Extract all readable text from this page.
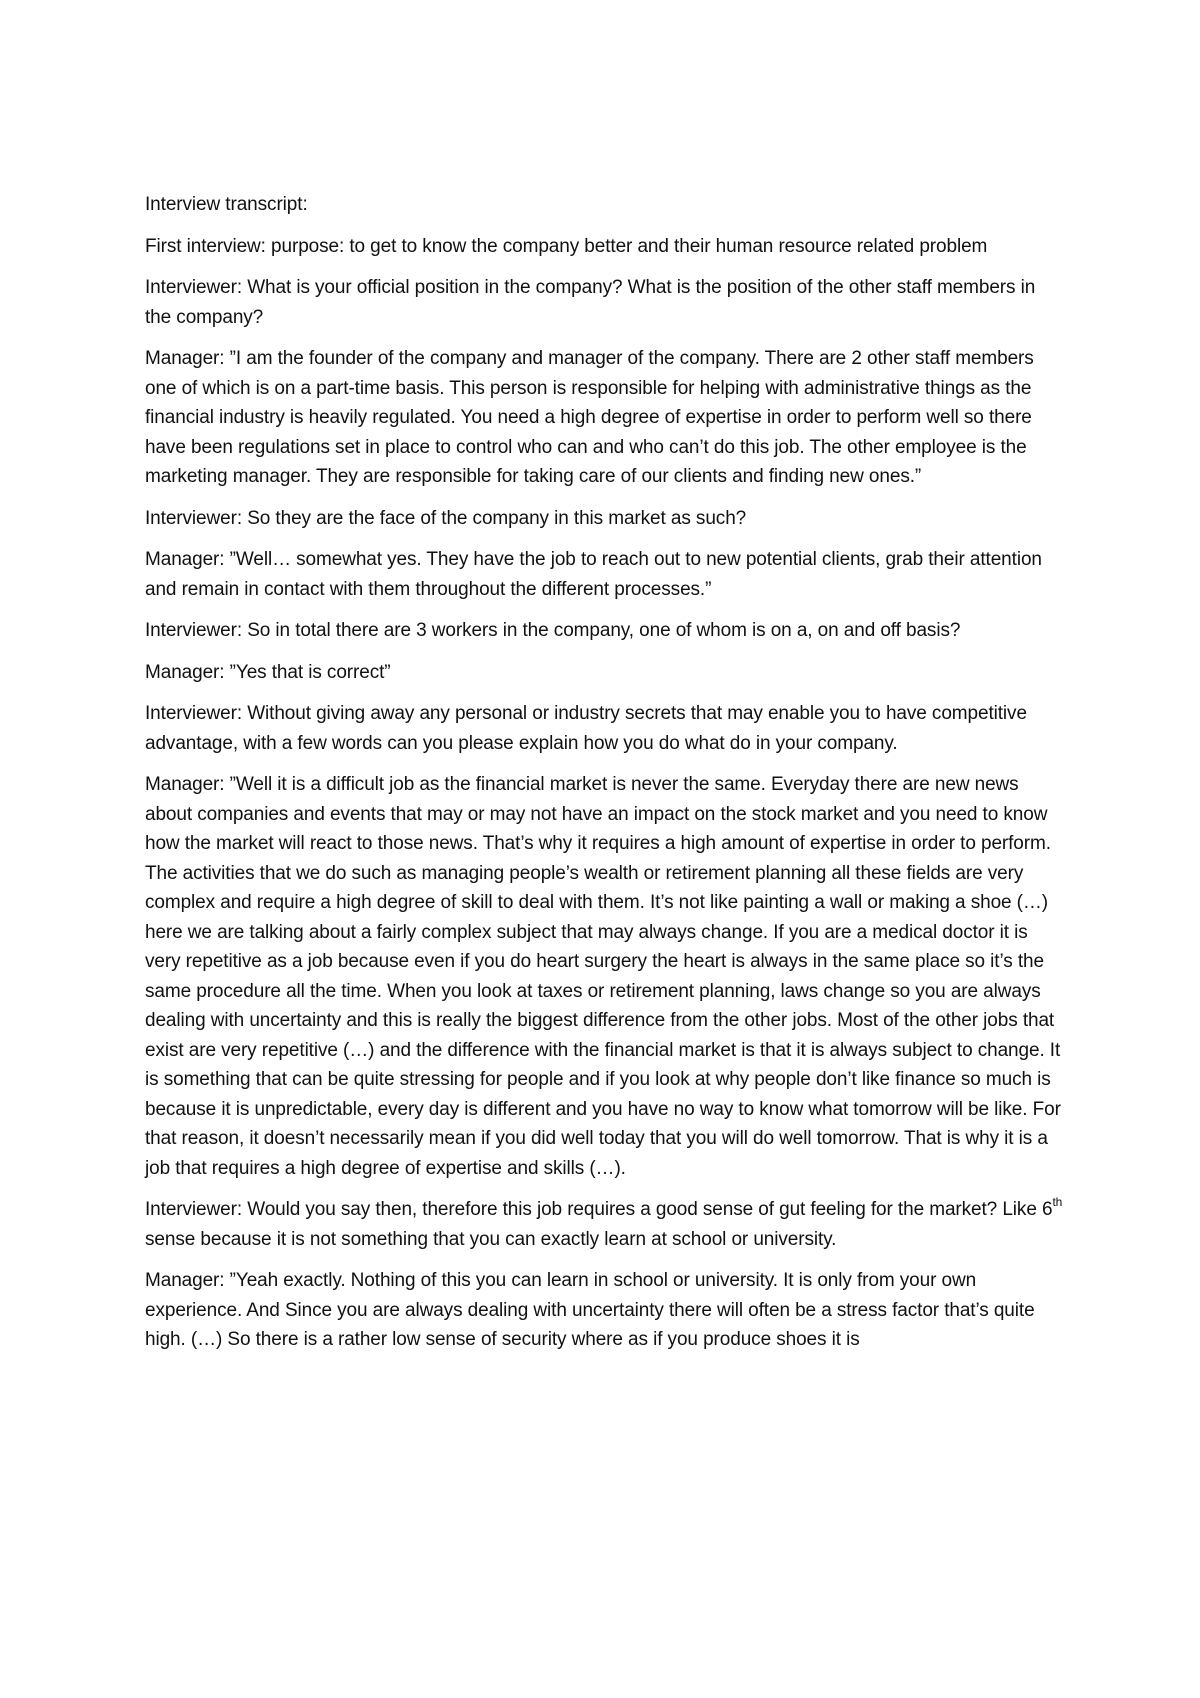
Interview transcript:

First interview: purpose: to get to know the company better and their human resource related problem

Interviewer: What is your official position in the company? What is the position of the other staff members in the company?

Manager: ”I am the founder of the company and manager of the company. There are 2 other staff members one of which is on a part-time basis. This person is responsible for helping with administrative things as the financial industry is heavily regulated. You need a high degree of expertise in order to perform well so there have been regulations set in place to control who can and who can’t do this job. The other employee is the marketing manager. They are responsible for taking care of our clients and finding new ones.”

Interviewer: So they are the face of the company in this market as such?

Manager: ”Well… somewhat yes. They have the job to reach out to new potential clients, grab their attention and remain in contact with them throughout the different processes.”

Interviewer: So in total there are 3 workers in the company, one of whom is on a, on and off basis?

Manager: ”Yes that is correct”

Interviewer: Without giving away any personal or industry secrets that may enable you to have competitive advantage, with a few words can you please explain how you do what do in your company.

Manager: ”Well it is a difficult job as the financial market is never the same. Everyday there are new news about companies and events that may or may not have an impact on the stock market and you need to know how the market will react to those news. That’s why it requires a high amount of expertise in order to perform. The activities that we do such as managing people’s wealth or retirement planning all these fields are very complex and require a high degree of skill to deal with them. It’s not like painting a wall or making a shoe (…) here we are talking about a fairly complex subject that may always change. If you are a medical doctor it is very repetitive as a job because even if you do heart surgery the heart is always in the same place so it’s the same procedure all the time. When you look at taxes or retirement planning, laws change so you are always dealing with uncertainty and this is really the biggest difference from the other jobs. Most of the other jobs that exist are very repetitive (…) and the difference with the financial market is that it is always subject to change. It is something that can be quite stressing for people and if you look at why people don’t like finance so much is because it is unpredictable, every day is different and you have no way to know what tomorrow will be like. For that reason, it doesn’t necessarily mean if you did well today that you will do well tomorrow. That is why it is a job that requires a high degree of expertise and skills (…).

Interviewer: Would you say then, therefore this job requires a good sense of gut feeling for the market? Like 6th sense because it is not something that you can exactly learn at school or university.

Manager: ”Yeah exactly. Nothing of this you can learn in school or university. It is only from your own experience. And Since you are always dealing with uncertainty there will often be a stress factor that’s quite high. (…) So there is a rather low sense of security where as if you produce shoes it is
